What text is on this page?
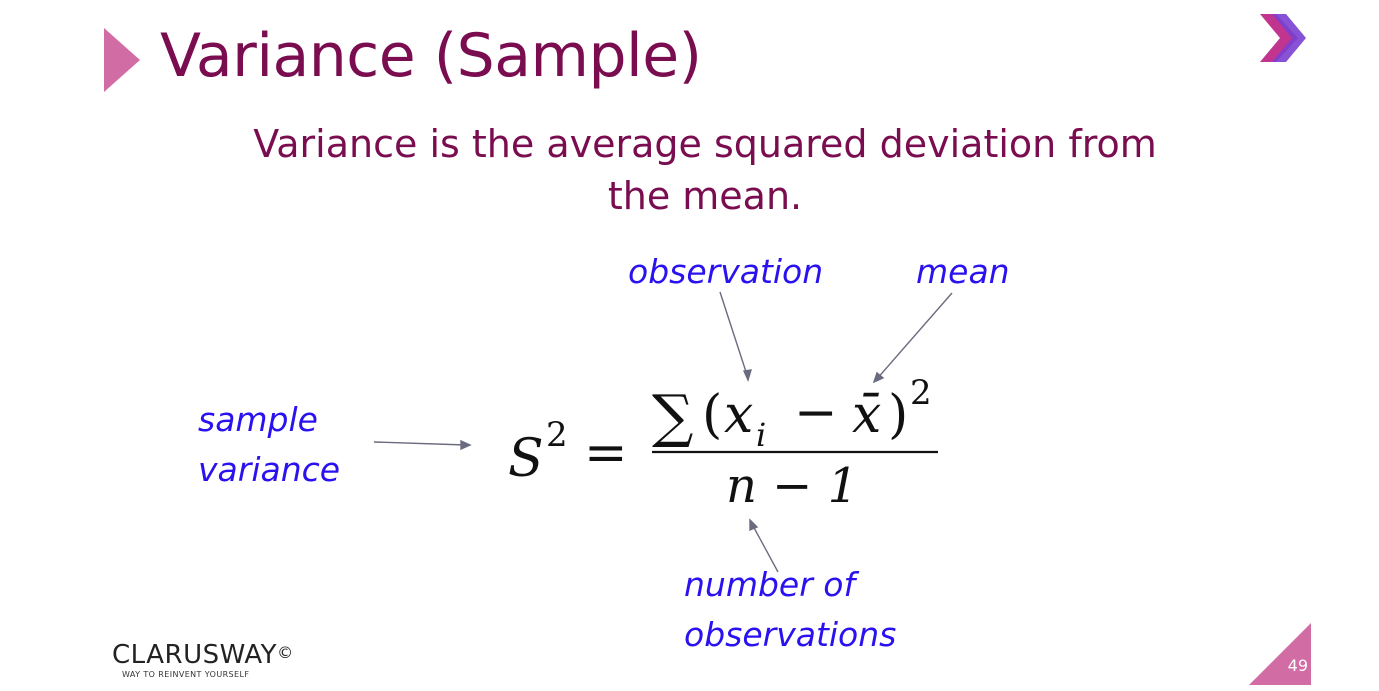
Variance (Sample)
Variance is the average squared deviation from the mean.
S 2 =
∑ ( x i − x̄ ) 2
n − 1
observation	mean
sample
variance
number of
observations
CLARUSWAY©
WAY TO REINVENT YOURSELF	49
